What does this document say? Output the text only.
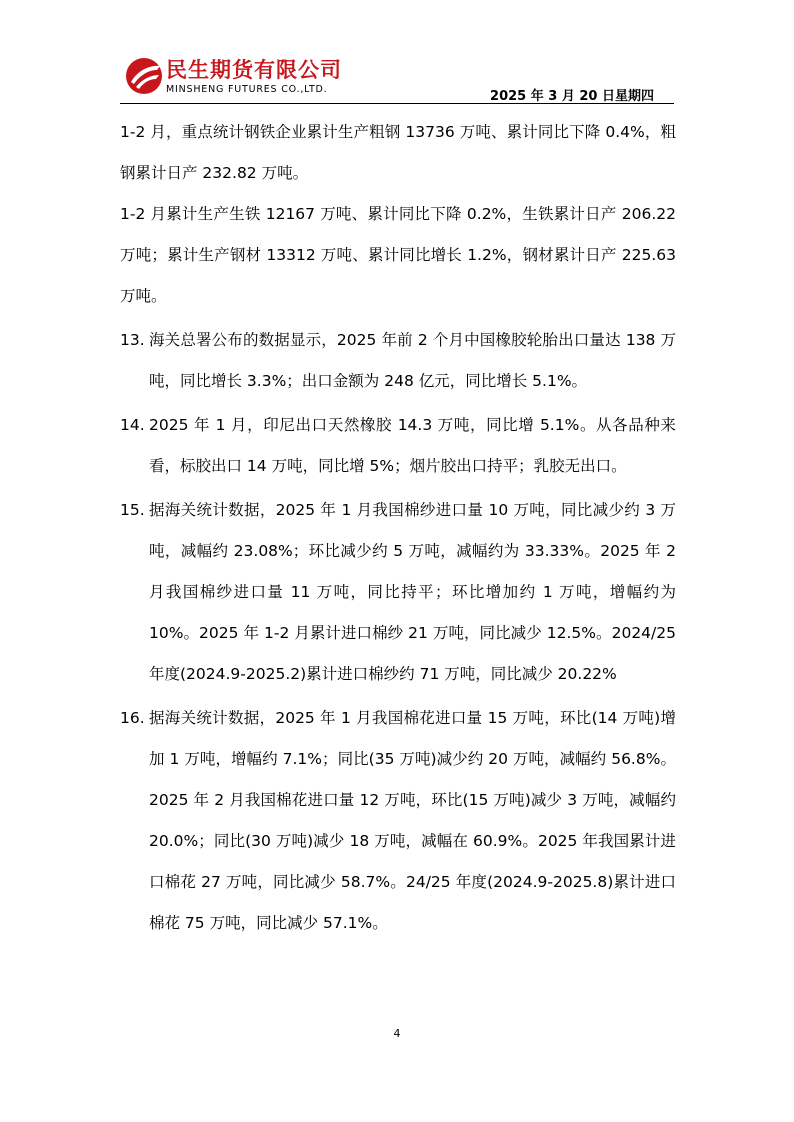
民生期货有限公司
MINSHENG FUTURES CO.,LTD.	2025 年 3 月 20 日星期四

1-2 月，重点统计钢铁企业累计生产粗钢 13736 万吨、累计同比下降 0.4%，粗钢累计日产 232.82 万吨。

1-2 月累计生产生铁 12167 万吨、累计同比下降 0.2%，生铁累计日产 206.22 万吨；累计生产钢材 13312 万吨、累计同比增长 1.2%，钢材累计日产 225.63 万吨。

13. 海关总署公布的数据显示，2025 年前 2 个月中国橡胶轮胎出口量达 138 万吨，同比增长 3.3%；出口金额为 248 亿元，同比增长 5.1%。
14. 2025 年 1 月，印尼出口天然橡胶 14.3 万吨，同比增 5.1%。从各品种来看，标胶出口 14 万吨，同比增 5%；烟片胶出口持平；乳胶无出口。
15. 据海关统计数据，2025 年 1 月我国棉纱进口量 10 万吨，同比减少约 3 万吨，减幅约 23.08%；环比减少约 5 万吨，减幅约为 33.33%。2025 年 2 月我国棉纱进口量 11 万吨，同比持平；环比增加约 1 万吨，增幅约为 10%。2025 年 1-2 月累计进口棉纱 21 万吨，同比减少 12.5%。2024/25 年度(2024.9-2025.2)累计进口棉纱约 71 万吨，同比减少 20.22%
16. 据海关统计数据，2025 年 1 月我国棉花进口量 15 万吨，环比(14 万吨)增加 1 万吨，增幅约 7.1%；同比(35 万吨)减少约 20 万吨，减幅约 56.8%。2025 年 2 月我国棉花进口量 12 万吨，环比(15 万吨)减少 3 万吨，减幅约 20.0%；同比(30 万吨)减少 18 万吨，减幅在 60.9%。2025 年我国累计进口棉花 27 万吨，同比减少 58.7%。24/25 年度(2024.9-2025.8)累计进口棉花 75 万吨，同比减少 57.1%。
4
